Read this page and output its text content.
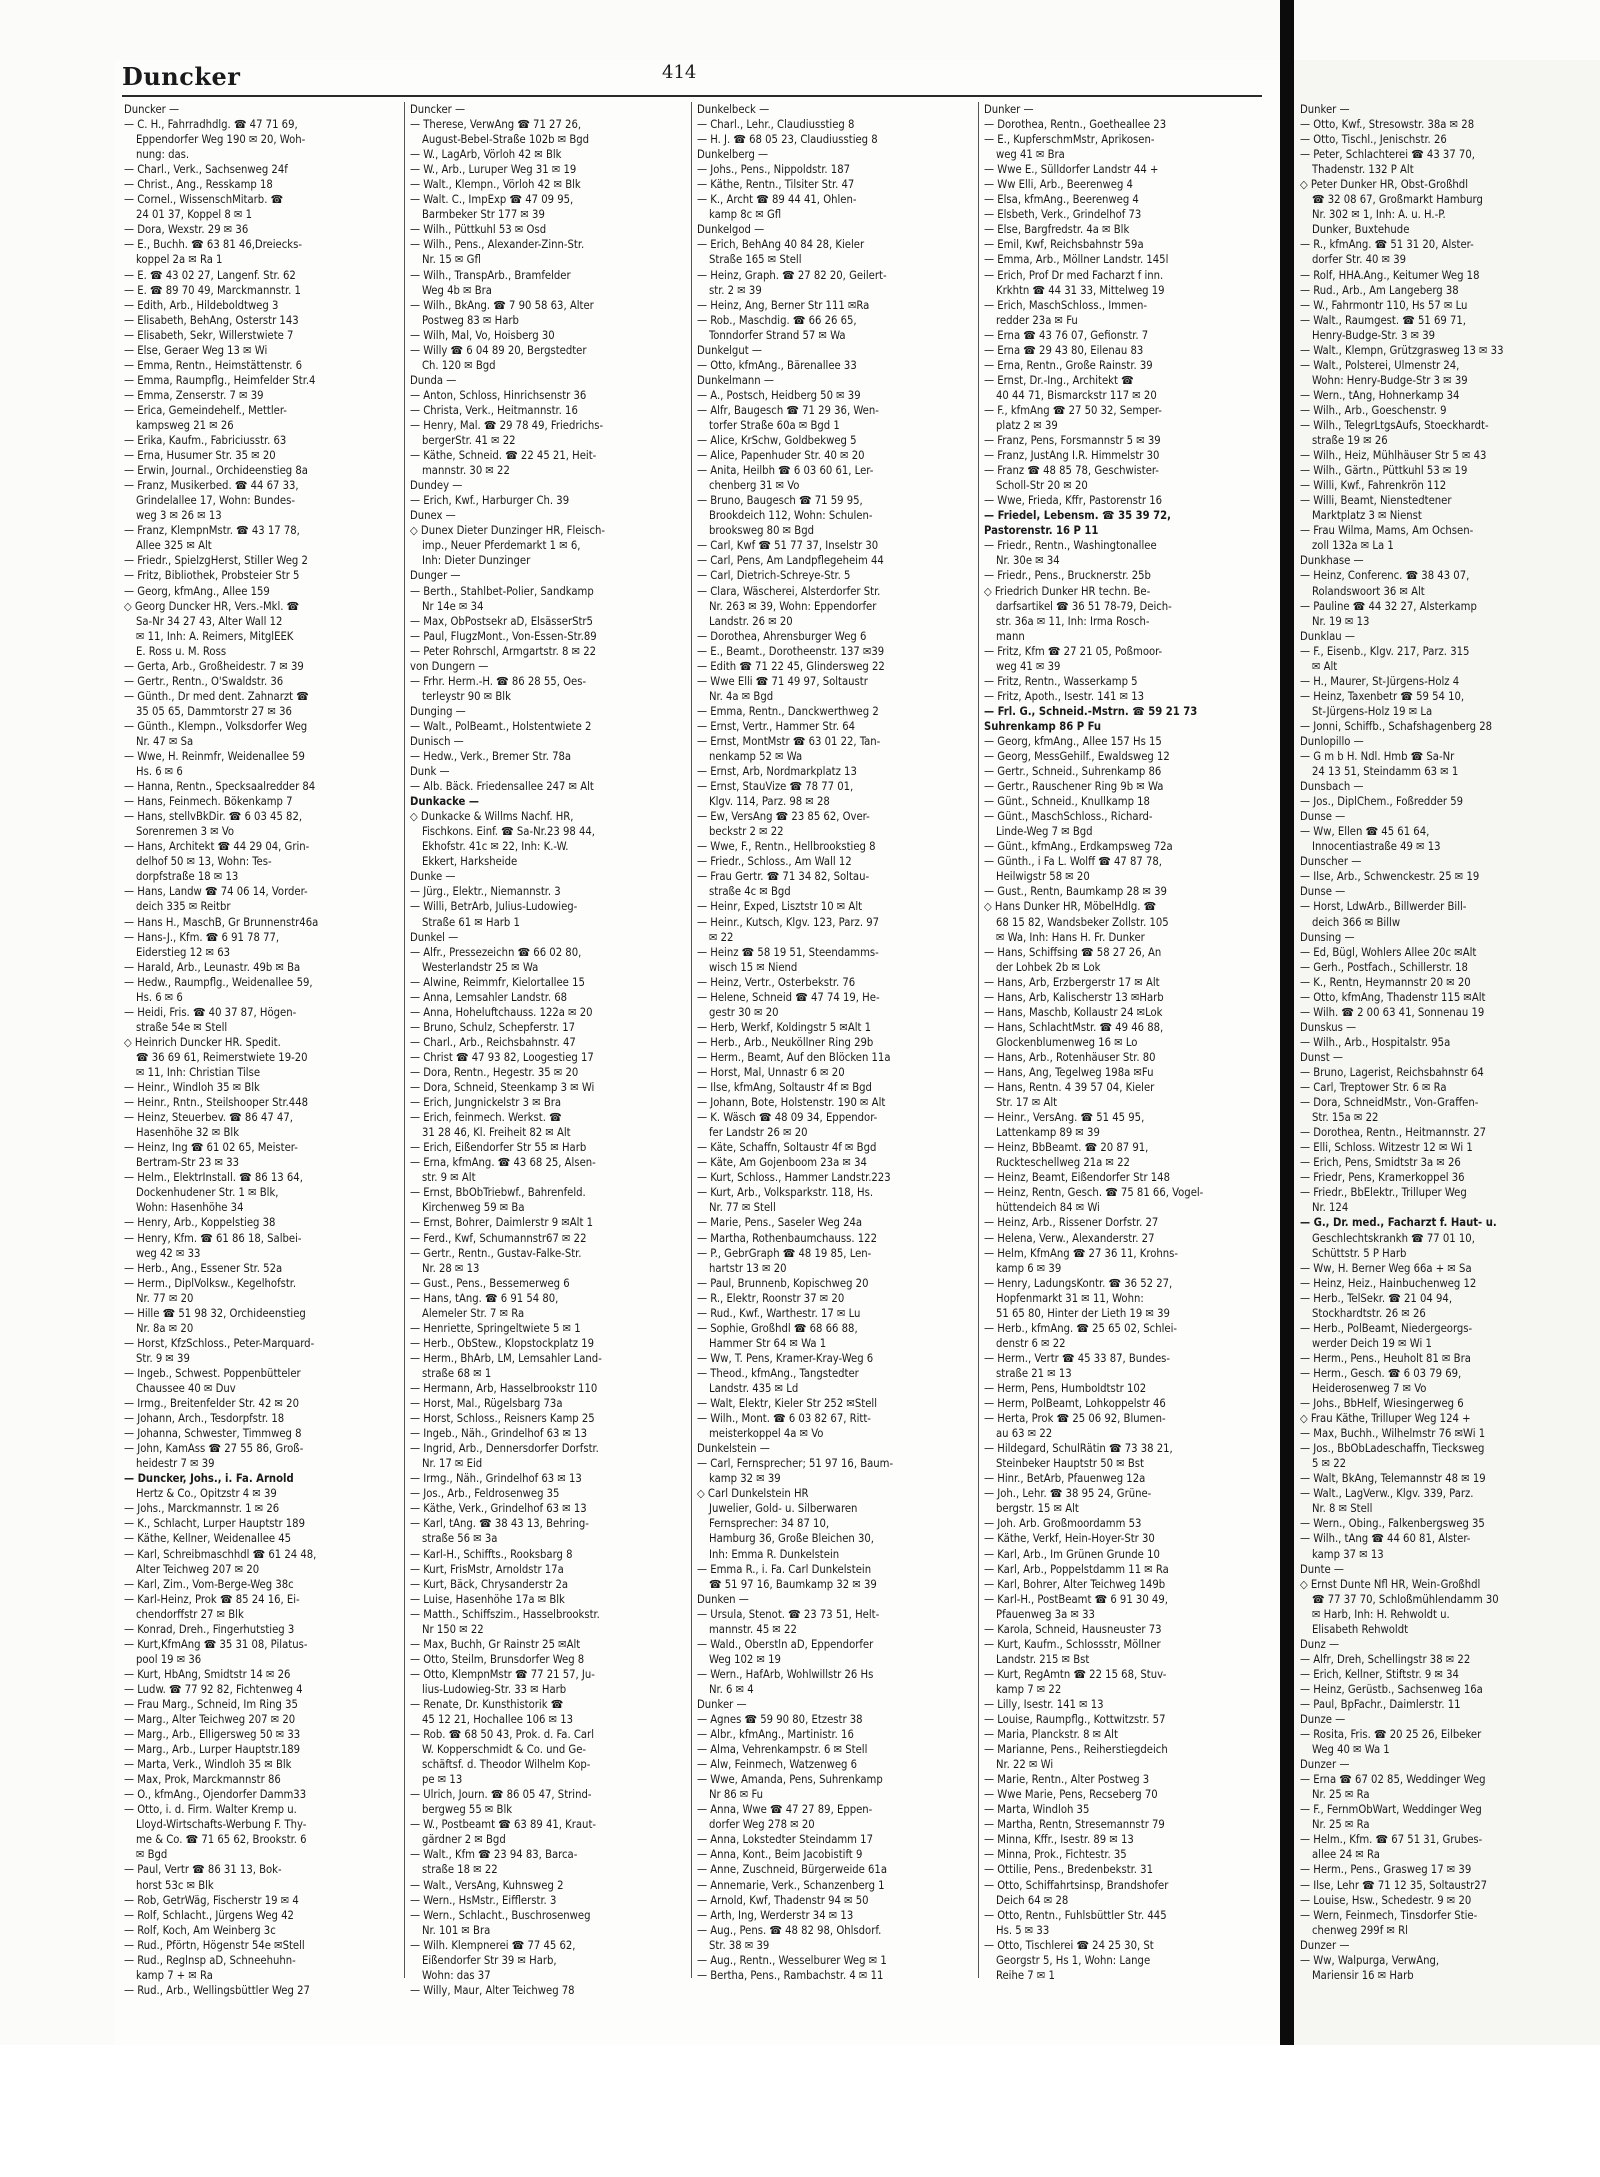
Duncker	414
Duncker —
— C. H., Fahrradhdlg. ☎ 47 71 69,
Eppendorfer Weg 190 ✉ 20, Woh-
nung: das.
— Charl., Verk., Sachsenweg 24f
— Christ., Ang., Resskamp 18
— Cornel., WissenschMitarb. ☎
24 01 37, Koppel 8 ✉ 1
— Dora, Wexstr. 29 ✉ 36
— E., Buchh. ☎ 63 81 46,Dreiecks-
koppel 2a ✉ Ra 1
— E. ☎ 43 02 27, Langenf. Str. 62
— E. ☎ 89 70 49, Marckmannstr. 1
— Edith, Arb., Hildeboldtweg 3
— Elisabeth, BehAng, Osterstr 143
— Elisabeth, Sekr, Willerstwiete 7
— Else, Geraer Weg 13 ✉ Wi
— Emma, Rentn., Heimstättenstr. 6
— Emma, Raumpflg., Heimfelder Str.4
— Emma, Zenserstr. 7 ✉ 39
— Erica, Gemeindehelf., Mettler-
kampsweg 21 ✉ 26
— Erika, Kaufm., Fabriciusstr. 63
— Erna, Husumer Str. 35 ✉ 20
— Erwin, Journal., Orchideenstieg 8a
— Franz, Musikerbed. ☎ 44 67 33,
Grindelallee 17, Wohn: Bundes-
weg 3 ✉ 26 ✉ 13
— Franz, KlempnMstr. ☎ 43 17 78,
Allee 325 ✉ Alt
— Friedr., SpielzgHerst, Stiller Weg 2
— Fritz, Bibliothek, Probsteier Str 5
— Georg, kfmAng., Allee 159
◇ Georg Duncker HR, Vers.-Mkl. ☎
Sa-Nr 34 27 43, Alter Wall 12
✉ 11, Inh: A. Reimers, MitglEEK
E. Ross u. M. Ross
— Gerta, Arb., Großheidestr. 7 ✉ 39
— Gertr., Rentn., O'Swaldstr. 36
— Günth., Dr med dent. Zahnarzt ☎
35 05 65, Dammtorstr 27 ✉ 36
— Günth., Klempn., Volksdorfer Weg
Nr. 47 ✉ Sa
— Wwe, H. Reinmfr, Weidenallee 59
Hs. 6 ✉ 6
— Hanna, Rentn., Specksaalredder 84
— Hans, Feinmech. Bökenkamp 7
— Hans, stellvBkDir. ☎ 6 03 45 82,
Sorenremen 3 ✉ Vo
— Hans, Architekt ☎ 44 29 04, Grin-
delhof 50 ✉ 13, Wohn: Tes-
dorpfstraße 18 ✉ 13
— Hans, Landw ☎ 74 06 14, Vorder-
deich 335 ✉ Reitbr
— Hans H., MaschB, Gr Brunnenstr46a
— Hans-J., Kfm. ☎ 6 91 78 77,
Eiderstieg 12 ✉ 63
— Harald, Arb., Leunastr. 49b ✉ Ba
— Hedw., Raumpflg., Weidenallee 59,
Hs. 6 ✉ 6
— Heidi, Fris. ☎ 40 37 87, Högen-
straße 54e ✉ Stell
◇ Heinrich Duncker HR. Spedit.
☎ 36 69 61, Reimerstwiete 19-20
✉ 11, Inh: Christian Tilse
— Heinr., Windloh 35 ✉ Blk
— Heinr., Rntn., Steilshooper Str.448
— Heinz, Steuerbev. ☎ 86 47 47,
Hasenhöhe 32 ✉ Blk
— Heinz, Ing ☎ 61 02 65, Meister-
Bertram-Str 23 ✉ 33
— Helm., ElektrInstall. ☎ 86 13 64,
Dockenhudener Str. 1 ✉ Blk,
Wohn: Hasenhöhe 34
— Henry, Arb., Koppelstieg 38
— Henry, Kfm. ☎ 61 86 18, Salbei-
weg 42 ✉ 33
— Herb., Ang., Essener Str. 52a
— Herm., DiplVolksw., Kegelhofstr.
Nr. 77 ✉ 20
— Hille ☎ 51 98 32, Orchideenstieg
Nr. 8a ✉ 20
— Horst, KfzSchloss., Peter-Marquard-
Str. 9 ✉ 39
— Ingeb., Schwest. Poppenbütteler
Chaussee 40 ✉ Duv
— Irmg., Breitenfelder Str. 42 ✉ 20
— Johann, Arch., Tesdorpfstr. 18
— Johanna, Schwester, Timmweg 8
— John, KamAss ☎ 27 55 86, Groß-
heidestr 7 ✉ 39
— Duncker, Johs., i. Fa. Arnold
Hertz & Co., Opitzstr 4 ✉ 39
— Johs., Marckmannstr. 1 ✉ 26
— K., Schlacht, Lurper Hauptstr 189
— Käthe, Kellner, Weidenallee 45
— Karl, Schreibmaschhdl ☎ 61 24 48,
Alter Teichweg 207 ✉ 20
— Karl, Zim., Vom-Berge-Weg 38c
— Karl-Heinz, Prok ☎ 85 24 16, Ei-
chendorffstr 27 ✉ Blk
— Konrad, Dreh., Fingerhutstieg 3
— Kurt,KfmAng ☎ 35 31 08, Pilatus-
pool 19 ✉ 36
— Kurt, HbAng, Smidtstr 14 ✉ 26
— Ludw. ☎ 77 92 82, Fichtenweg 4
— Frau Marg., Schneid, Im Ring 35
— Marg., Alter Teichweg 207 ✉ 20
— Marg., Arb., Elligersweg 50 ✉ 33
— Marg., Arb., Lurper Hauptstr.189
— Marta, Verk., Windloh 35 ✉ Blk
— Max, Prok, Marckmannstr 86
— O., kfmAng., Ojendorfer Damm33
— Otto, i. d. Firm. Walter Kremp u.
Lloyd-Wirtschafts-Werbung F. Thy-
me & Co. ☎ 71 65 62, Brookstr. 6
✉ Bgd
— Paul, Vertr ☎ 86 31 13, Bok-
horst 53c ✉ Blk
— Rob, GetrWäg, Fischerstr 19 ✉ 4
— Rolf, Schlacht., Jürgens Weg 42
— Rolf, Koch, Am Weinberg 3c
— Rud., Pförtn, Högenstr 54e ✉Stell
— Rud., Reglnsp aD, Schneehuhn-
kamp 7 + ✉ Ra
— Rud., Arb., Wellingsbüttler Weg 27
Duncker —
— Therese, VerwAng ☎ 71 27 26,
August-Bebel-Straße 102b ✉ Bgd
— W., LagArb, Vörloh 42 ✉ Blk
— W., Arb., Luruper Weg 31 ✉ 19
— Walt., Klempn., Vörloh 42 ✉ Blk
— Walt. C., ImpExp ☎ 47 09 95,
Barmbeker Str 177 ✉ 39
— Wilh., Püttkuhl 53 ✉ Osd
— Wilh., Pens., Alexander-Zinn-Str.
Nr. 15 ✉ Gfl
— Wilh., TranspArb., Bramfelder
Weg 4b ✉ Bra
— Wilh., BkAng. ☎ 7 90 58 63, Alter
Postweg 83 ✉ Harb
— Wilh, Mal, Vo, Hoisberg 30
— Willy ☎ 6 04 89 20, Bergstedter
Ch. 120 ✉ Bgd
Dunda —
— Anton, Schloss, Hinrichsenstr 36
— Christa, Verk., Heitmannstr. 16
— Henry, Mal. ☎ 29 78 49, Friedrichs-
bergerStr. 41 ✉ 22
— Käthe, Schneid. ☎ 22 45 21, Heit-
mannstr. 30 ✉ 22
Dundey —
— Erich, Kwf., Harburger Ch. 39
Dunex —
◇ Dunex Dieter Dunzinger HR, Fleisch-
imp., Neuer Pferdemarkt 1 ✉ 6,
Inh: Dieter Dunzinger
Dunger —
— Berth., Stahlbet-Polier, Sandkamp
Nr 14e ✉ 34
— Max, ObPostsekr aD, ElsässerStr5
— Paul, FlugzMont., Von-Essen-Str.89
— Peter Rohrschl, Armgartstr. 8 ✉ 22
von Dungern —
— Frhr. Herm.-H. ☎ 86 28 55, Oes-
terleystr 90 ✉ Blk
Dunging —
— Walt., PolBeamt., Holstentwiete 2
Dunisch —
— Hedw., Verk., Bremer Str. 78a
Dunk —
— Alb. Bäck. Friedensallee 247 ✉ Alt
Dunkacke —
◇ Dunkacke & Willms Nachf. HR,
Fischkons. Einf. ☎ Sa-Nr.23 98 44,
Ekhofstr. 41c ✉ 22, Inh: K.-W.
Ekkert, Harksheide
Dunke —
— Jürg., Elektr., Niemannstr. 3
— Willi, BetrArb, Julius-Ludowieg-
Straße 61 ✉ Harb 1
Dunkel —
— Alfr., Pressezeichn ☎ 66 02 80,
Westerlandstr 25 ✉ Wa
— Alwine, Reimmfr, Kielortallee 15
— Anna, Lemsahler Landstr. 68
— Anna, Hoheluftchauss. 122a ✉ 20
— Bruno, Schulz, Schepferstr. 17
— Charl., Arb., Reichsbahnstr. 47
— Christ ☎ 47 93 82, Loogestieg 17
— Dora, Rentn., Hegestr. 35 ✉ 20
— Dora, Schneid, Steenkamp 3 ✉ Wi
— Erich, Jungnickelstr 3 ✉ Bra
— Erich, feinmech. Werkst. ☎
31 28 46, Kl. Freiheit 82 ✉ Alt
— Erich, Eißendorfer Str 55 ✉ Harb
— Erna, kfmAng. ☎ 43 68 25, Alsen-
str. 9 ✉ Alt
— Ernst, BbObTriebwf., Bahrenfeld.
Kirchenweg 59 ✉ Ba
— Ernst, Bohrer, Daimlerstr 9 ✉Alt 1
— Ferd., Kwf, Schumannstr67 ✉ 22
— Gertr., Rentn., Gustav-Falke-Str.
Nr. 28 ✉ 13
— Gust., Pens., Bessemerweg 6
— Hans, tAng. ☎ 6 91 54 80,
Alemeler Str. 7 ✉ Ra
— Henriette, Springeltwiete 5 ✉ 1
— Herb., ObStew., Klopstockplatz 19
— Herm., BhArb, LM, Lemsahler Land-
straße 68 ✉ 1
— Hermann, Arb, Hasselbrookstr 110
— Horst, Mal., Rügelsbarg 73a
— Horst, Schloss., Reisners Kamp 25
— Ingeb., Näh., Grindelhof 63 ✉ 13
— Ingrid, Arb., Dennersdorfer Dorfstr.
Nr. 17 ✉ Eid
— Irmg., Näh., Grindelhof 63 ✉ 13
— Jos., Arb., Feldrosenweg 35
— Käthe, Verk., Grindelhof 63 ✉ 13
— Karl, tAng. ☎ 38 43 13, Behring-
straße 56 ✉ 3a
— Karl-H., Schiffts., Rooksbarg 8
— Kurt, FrisMstr, Arnoldstr 17a
— Kurt, Bäck, Chrysanderstr 2a
— Luise, Hasenhöhe 17a ✉ Blk
— Matth., Schiffszim., Hasselbrookstr.
Nr 150 ✉ 22
— Max, Buchh, Gr Rainstr 25 ✉Alt
— Otto, Steilm, Brunsdorfer Weg 8
— Otto, KlempnMstr ☎ 77 21 57, Ju-
lius-Ludowieg-Str. 33 ✉ Harb
— Renate, Dr. Kunsthistorik ☎
45 12 21, Hochallee 106 ✉ 13
— Rob. ☎ 68 50 43, Prok. d. Fa. Carl
W. Kopperschmidt & Co. und Ge-
schäftsf. d. Theodor Wilhelm Kop-
pe ✉ 13
— Ulrich, Journ. ☎ 86 05 47, Strind-
bergweg 55 ✉ Blk
— W., Postbeamt ☎ 63 89 41, Kraut-
gärdner 2 ✉ Bgd
— Walt., Kfm ☎ 23 94 83, Barca-
straße 18 ✉ 22
— Walt., VersAng, Kuhnsweg 2
— Wern., HsMstr., Eifflerstr. 3
— Wern., Schlacht., Buschrosenweg
Nr. 101 ✉ Bra
— Wilh. Klempnerei ☎ 77 45 62,
Eißendorfer Str 39 ✉ Harb,
Wohn: das 37
— Willy, Maur, Alter Teichweg 78
Dunkelbeck —
— Charl., Lehr., Claudiusstieg 8
— H. J. ☎ 68 05 23, Claudiusstieg 8
Dunkelberg —
— Johs., Pens., Nippoldstr. 187
— Käthe, Rentn., Tilsiter Str. 47
— K., Archt ☎ 89 44 41, Ohlen-
kamp 8c ✉ Gfl
Dunkelgod —
— Erich, BehAng 40 84 28, Kieler
Straße 165 ✉ Stell
— Heinz, Graph. ☎ 27 82 20, Geilert-
str. 2 ✉ 39
— Heinz, Ang, Berner Str 111 ✉Ra
— Rob., Maschdig. ☎ 66 26 65,
Tonndorfer Strand 57 ✉ Wa
Dunkelgut —
— Otto, kfmAng., Bärenallee 33
Dunkelmann —
— A., Postsch, Heidberg 50 ✉ 39
— Alfr, Baugesch ☎ 71 29 36, Wen-
torfer Straße 60a ✉ Bgd 1
— Alice, KrSchw, Goldbekweg 5
— Alice, Papenhuder Str. 40 ✉ 20
— Anita, Heilbh ☎ 6 03 60 61, Ler-
chenberg 31 ✉ Vo
— Bruno, Baugesch ☎ 71 59 95,
Brookdeich 112, Wohn: Schulen-
brooksweg 80 ✉ Bgd
— Carl, Kwf ☎ 51 77 37, Inselstr 30
— Carl, Pens, Am Landpflegeheim 44
— Carl, Dietrich-Schreye-Str. 5
— Clara, Wäscherei, Alsterdorfer Str.
Nr. 263 ✉ 39, Wohn: Eppendorfer
Landstr. 26 ✉ 20
— Dorothea, Ahrensburger Weg 6
— E., Beamt., Dorotheenstr. 137 ✉39
— Edith ☎ 71 22 45, Glindersweg 22
— Wwe Elli ☎ 71 49 97, Soltaustr
Nr. 4a ✉ Bgd
— Emma, Rentn., Danckwerthweg 2
— Ernst, Vertr., Hammer Str. 64
— Ernst, MontMstr ☎ 63 01 22, Tan-
nenkamp 52 ✉ Wa
— Ernst, Arb, Nordmarkplatz 13
— Ernst, StauVize ☎ 78 77 01,
Klgv. 114, Parz. 98 ✉ 28
— Ew, VersAng ☎ 23 85 62, Over-
beckstr 2 ✉ 22
— Wwe, F., Rentn., Hellbrookstieg 8
— Friedr., Schloss., Am Wall 12
— Frau Gertr. ☎ 71 34 82, Soltau-
straße 4c ✉ Bgd
— Heinr, Exped, Lisztstr 10 ✉ Alt
— Heinr., Kutsch, Klgv. 123, Parz. 97
✉ 22
— Heinz ☎ 58 19 51, Steendamms-
wisch 15 ✉ Niend
— Heinz, Vertr., Osterbekstr. 76
— Helene, Schneid ☎ 47 74 19, He-
gestr 30 ✉ 20
— Herb, Werkf, Koldingstr 5 ✉Alt 1
— Herb., Arb., Neuköllner Ring 29b
— Herm., Beamt, Auf den Blöcken 11a
— Horst, Mal, Unnastr 6 ✉ 20
— Ilse, kfmAng, Soltaustr 4f ✉ Bgd
— Johann, Bote, Holstenstr. 190 ✉ Alt
— K. Wäsch ☎ 48 09 34, Eppendor-
fer Landstr 26 ✉ 20
— Käte, Schaffn, Soltaustr 4f ✉ Bgd
— Käte, Am Gojenboom 23a ✉ 34
— Kurt, Schloss., Hammer Landstr.223
— Kurt, Arb., Volksparkstr. 118, Hs.
Nr. 77 ✉ Stell
— Marie, Pens., Saseler Weg 24a
— Martha, Rothenbaumchauss. 122
— P., GebrGraph ☎ 48 19 85, Len-
hartstr 13 ✉ 20
— Paul, Brunnenb, Kopischweg 20
— R., Elektr, Roonstr 37 ✉ 20
— Rud., Kwf., Warthestr. 17 ✉ Lu
— Sophie, Großhdl ☎ 68 66 88,
Hammer Str 64 ✉ Wa 1
— Ww, T. Pens, Kramer-Kray-Weg 6
— Theod., kfmAng., Tangstedter
Landstr. 435 ✉ Ld
— Walt, Elektr, Kieler Str 252 ✉Stell
— Wilh., Mont. ☎ 6 03 82 67, Ritt-
meisterkoppel 4a ✉ Vo
Dunkelstein —
— Carl, Fernsprecher; 51 97 16, Baum-
kamp 32 ✉ 39
◇ Carl Dunkelstein HR
Juwelier, Gold- u. Silberwaren
Fernsprecher: 34 87 10,
Hamburg 36, Große Bleichen 30,
Inh: Emma R. Dunkelstein
— Emma R., i. Fa. Carl Dunkelstein
☎ 51 97 16, Baumkamp 32 ✉ 39
Dunken —
— Ursula, Stenot. ☎ 23 73 51, Helt-
mannstr. 45 ✉ 22
— Wald., Oberstln aD, Eppendorfer
Weg 102 ✉ 19
— Wern., HafArb, Wohlwillstr 26 Hs
Nr. 6 ✉ 4
Dunker —
— Agnes ☎ 59 90 80, Etzestr 38
— Albr., kfmAng., Martinistr. 16
— Alma, Vehrenkampstr. 6 ✉ Stell
— Alw, Feinmech, Watzenweg 6
— Wwe, Amanda, Pens, Suhrenkamp
Nr 86 ✉ Fu
— Anna, Wwe ☎ 47 27 89, Eppen-
dorfer Weg 278 ✉ 20
— Anna, Lokstedter Steindamm 17
— Anna, Kont., Beim Jacobistift 9
— Anne, Zuschneid, Bürgerweide 61a
— Annemarie, Verk., Schanzenberg 1
— Arnold, Kwf, Thadenstr 94 ✉ 50
— Arth, Ing, Werderstr 34 ✉ 13
— Aug., Pens. ☎ 48 82 98, Ohlsdorf.
Str. 38 ✉ 39
— Aug., Rentn., Wesselburer Weg ✉ 1
— Bertha, Pens., Rambachstr. 4 ✉ 11
Dunker —
— Dorothea, Rentn., Goetheallee 23
— E., KupferschmMstr, Aprikosen-
weg 41 ✉ Bra
— Wwe E., Sülldorfer Landstr 44 +
— Ww Elli, Arb., Beerenweg 4
— Elsa, kfmAng., Beerenweg 4
— Elsbeth, Verk., Grindelhof 73
— Else, Bargfredstr. 4a ✉ Blk
— Emil, Kwf, Reichsbahnstr 59a
— Emma, Arb., Möllner Landstr. 145l
— Erich, Prof Dr med Facharzt f inn.
Krkhtn ☎ 44 31 33, Mittelweg 19
— Erich, MaschSchloss., Immen-
redder 23a ✉ Fu
— Erna ☎ 43 76 07, Gefionstr. 7
— Erna ☎ 29 43 80, Eilenau 83
— Erna, Rentn., Große Rainstr. 39
— Ernst, Dr.-Ing., Architekt ☎
40 44 71, Bismarckstr 117 ✉ 20
— F., kfmAng ☎ 27 50 32, Semper-
platz 2 ✉ 39
— Franz, Pens, Forsmannstr 5 ✉ 39
— Franz, JustAng I.R. Himmelstr 30
— Franz ☎ 48 85 78, Geschwister-
Scholl-Str 20 ✉ 20
— Wwe, Frieda, Kffr, Pastorenstr 16
— Friedel, Lebensm. ☎ 35 39 72,
Pastorenstr. 16 P 11
— Friedr., Rentn., Washingtonallee
Nr. 30e ✉ 34
— Friedr., Pens., Brucknerstr. 25b
◇ Friedrich Dunker HR techn. Be-
darfsartikel ☎ 36 51 78-79, Deich-
str. 36a ✉ 11, Inh: Irma Rosch-
mann
— Fritz, Kfm ☎ 27 21 05, Poßmoor-
weg 41 ✉ 39
— Fritz, Rentn., Wasserkamp 5
— Fritz, Apoth., Isestr. 141 ✉ 13
— Frl. G., Schneid.-Mstrn. ☎ 59 21 73
Suhrenkamp 86 P Fu
— Georg, kfmAng., Allee 157 Hs 15
— Georg, MessGehilf., Ewaldsweg 12
— Gertr., Schneid., Suhrenkamp 86
— Gertr., Rauschener Ring 9b ✉ Wa
— Günt., Schneid., Knullkamp 18
— Günt., MaschSchloss., Richard-
Linde-Weg 7 ✉ Bgd
— Günt., kfmAng., Erdkampsweg 72a
— Günth., i Fa L. Wolff ☎ 47 87 78,
Heilwigstr 58 ✉ 20
— Gust., Rentn, Baumkamp 28 ✉ 39
◇ Hans Dunker HR, MöbelHdlg. ☎
68 15 82, Wandsbeker Zollstr. 105
✉ Wa, Inh: Hans H. Fr. Dunker
— Hans, Schiffsing ☎ 58 27 26, An
der Lohbek 2b ✉ Lok
— Hans, Arb, Erzbergerstr 17 ✉ Alt
— Hans, Arb, Kalischerstr 13 ✉Harb
— Hans, Maschb, Kollaustr 24 ✉Lok
— Hans, SchlachtMstr. ☎ 49 46 88,
Glockenblumenweg 16 ✉ Lo
— Hans, Arb., Rotenhäuser Str. 80
— Hans, Ang, Tegelweg 198a ✉Fu
— Hans, Rentn. 4 39 57 04, Kieler
Str. 17 ✉ Alt
— Heinr., VersAng. ☎ 51 45 95,
Lattenkamp 89 ✉ 39
— Heinz, BbBeamt. ☎ 20 87 91,
Ruckteschellweg 21a ✉ 22
— Heinz, Beamt, Eißendorfer Str 148
— Heinz, Rentn, Gesch. ☎ 75 81 66, Vogel-
hüttendeich 84 ✉ Wi
— Heinz, Arb., Rissener Dorfstr. 27
— Helena, Verw., Alexanderstr. 27
— Helm, KfmAng ☎ 27 36 11, Krohns-
kamp 6 ✉ 39
— Henry, LadungsKontr. ☎ 36 52 27,
Hopfenmarkt 31 ✉ 11, Wohn:
51 65 80, Hinter der Lieth 19 ✉ 39
— Herb., kfmAng. ☎ 25 65 02, Schlei-
denstr 6 ✉ 22
— Herm., Vertr ☎ 45 33 87, Bundes-
straße 21 ✉ 13
— Herm, Pens, Humboldtstr 102
— Herm, PolBeamt, Lohkoppelstr 46
— Herta, Prok ☎ 25 06 92, Blumen-
au 63 ✉ 22
— Hildegard, SchulRätin ☎ 73 38 21,
Steinbeker Hauptstr 50 ✉ Bst
— Hinr., BetArb, Pfauenweg 12a
— Joh., Lehr. ☎ 38 95 24, Grüne-
bergstr. 15 ✉ Alt
— Joh. Arb. Großmoordamm 53
— Käthe, Verkf, Hein-Hoyer-Str 30
— Karl, Arb., Im Grünen Grunde 10
— Karl, Arb., Poppelstdamm 11 ✉ Ra
— Karl, Bohrer, Alter Teichweg 149b
— Karl-H., PostBeamt ☎ 6 91 30 49,
Pfauenweg 3a ✉ 33
— Karola, Schneid, Hausneuster 73
— Kurt, Kaufm., Schlossstr, Möllner
Landstr. 215 ✉ Bst
— Kurt, RegAmtn ☎ 22 15 68, Stuv-
kamp 7 ✉ 22
— Lilly, Isestr. 141 ✉ 13
— Louise, Raumpflg., Kottwitzstr. 57
— Maria, Planckstr. 8 ✉ Alt
— Marianne, Pens., Reiherstiegdeich
Nr. 22 ✉ Wi
— Marie, Rentn., Alter Postweg 3
— Wwe Marie, Pens, Recseberg 70
— Marta, Windloh 35
— Martha, Rentn, Stresemannstr 79
— Minna, Kffr., Isestr. 89 ✉ 13
— Minna, Prok., Fichtestr. 35
— Ottilie, Pens., Bredenbekstr. 31
— Otto, Schiffahrtsinsp, Brandshofer
Deich 64 ✉ 28
— Otto, Rentn., Fuhlsbüttler Str. 445
Hs. 5 ✉ 33
— Otto, Tischlerei ☎ 24 25 30, St
Georgstr 5, Hs 1, Wohn: Lange
Reihe 7 ✉ 1
Dunker —
— Otto, Kwf., Stresowstr. 38a ✉ 28
— Otto, Tischl., Jenischstr. 26
— Peter, Schlachterei ☎ 43 37 70,
Thadenstr. 132 P Alt
◇ Peter Dunker HR, Obst-Großhdl
☎ 32 08 67, Großmarkt Hamburg
Nr. 302 ✉ 1, Inh: A. u. H.-P.
Dunker, Buxtehude
— R., kfmAng. ☎ 51 31 20, Alster-
dorfer Str. 40 ✉ 39
— Rolf, HHA.Ang., Keitumer Weg 18
— Rud., Arb., Am Langeberg 38
— W., Fahrmontr 110, Hs 57 ✉ Lu
— Walt., Raumgest. ☎ 51 69 71,
Henry-Budge-Str. 3 ✉ 39
— Walt., Klempn, Grützgrasweg 13 ✉ 33
— Walt., Polsterei, Ulmenstr 24,
Wohn: Henry-Budge-Str 3 ✉ 39
— Wern., tAng, Hohnerkamp 34
— Wilh., Arb., Goeschenstr. 9
— Wilh., TelegrLtgsAufs, Stoeckhardt-
straße 19 ✉ 26
— Wilh., Heiz, Mühlhäuser Str 5 ✉ 43
— Wilh., Gärtn., Püttkuhl 53 ✉ 19
— Willi, Kwf., Fahrenkrön 112
— Willi, Beamt, Nienstedtener
Marktplatz 3 ✉ Nienst
— Frau Wilma, Mams, Am Ochsen-
zoll 132a ✉ La 1
Dunkhase —
— Heinz, Conferenc. ☎ 38 43 07,
Rolandswoort 36 ✉ Alt
— Pauline ☎ 44 32 27, Alsterkamp
Nr. 19 ✉ 13
Dunklau —
— F., Eisenb., Klgv. 217, Parz. 315
✉ Alt
— H., Maurer, St-Jürgens-Holz 4
— Heinz, Taxenbetr ☎ 59 54 10,
St-Jürgens-Holz 19 ✉ La
— Jonni, Schiffb., Schafshagenberg 28
Dunlopillo —
— G m b H. Ndl. Hmb ☎ Sa-Nr
24 13 51, Steindamm 63 ✉ 1
Dunsbach —
— Jos., DiplChem., Foßredder 59
Dunse —
— Ww, Ellen ☎ 45 61 64,
Innocentiastraße 49 ✉ 13
Dunscher —
— Ilse, Arb., Schwenckestr. 25 ✉ 19
Dunse —
— Horst, LdwArb., Billwerder Bill-
deich 366 ✉ Billw
Dunsing —
— Ed, Bügl, Wohlers Allee 20c ✉Alt
— Gerh., Postfach., Schillerstr. 18
— K., Rentn, Heymannstr 20 ✉ 20
— Otto, kfmAng, Thadenstr 115 ✉Alt
— Wilh. ☎ 2 00 63 41, Sonnenau 19
Dunskus —
— Wilh., Arb., Hospitalstr. 95a
Dunst —
— Bruno, Lagerist, Reichsbahnstr 64
— Carl, Treptower Str. 6 ✉ Ra
— Dora, SchneidMstr., Von-Graffen-
Str. 15a ✉ 22
— Dorothea, Rentn., Heitmannstr. 27
— Elli, Schloss. Witzestr 12 ✉ Wi 1
— Erich, Pens, Smidtstr 3a ✉ 26
— Friedr, Pens, Kramerkoppel 36
— Friedr., BbElektr., Trilluper Weg
Nr. 124
— G., Dr. med., Facharzt f. Haut- u.
Geschlechtskrankh ☎ 77 01 10,
Schüttstr. 5 P Harb
— Ww, H. Berner Weg 66a + ✉ Sa
— Heinz, Heiz., Hainbuchenweg 12
— Herb., TelSekr. ☎ 21 04 94,
Stockhardtstr. 26 ✉ 26
— Herb., PolBeamt, Niedergeorgs-
werder Deich 19 ✉ Wi 1
— Herm., Pens., Heuholt 81 ✉ Bra
— Herm., Gesch. ☎ 6 03 79 69,
Heiderosenweg 7 ✉ Vo
— Johs., BbHelf, Wiesingerweg 6
◇ Frau Käthe, Trilluper Weg 124 +
— Max, Buchh., Wilhelmstr 76 ✉Wi 1
— Jos., BbObLadeschaffn, Tiecksweg
5 ✉ 22
— Walt, BkAng, Telemannstr 48 ✉ 19
— Walt., LagVerw., Klgv. 339, Parz.
Nr. 8 ✉ Stell
— Wern., Obing., Falkenbergsweg 35
— Wilh., tAng ☎ 44 60 81, Alster-
kamp 37 ✉ 13
Dunte —
◇ Ernst Dunte Nfl HR, Wein-Großhdl
☎ 77 37 70, Schloßmühlendamm 30
✉ Harb, Inh: H. Rehwoldt u.
Elisabeth Rehwoldt
Dunz —
— Alfr, Dreh, Schellingstr 38 ✉ 22
— Erich, Kellner, Stiftstr. 9 ✉ 34
— Heinz, Gerüstb., Sachsenweg 16a
— Paul, BpFachr., Daimlerstr. 11
Dunze —
— Rosita, Fris. ☎ 20 25 26, Eilbeker
Weg 40 ✉ Wa 1
Dunzer —
— Erna ☎ 67 02 85, Weddinger Weg
Nr. 25 ✉ Ra
— F., FernmObWart, Weddinger Weg
Nr. 25 ✉ Ra
— Helm., Kfm. ☎ 67 51 31, Grubes-
allee 24 ✉ Ra
— Herm., Pens., Grasweg 17 ✉ 39
— Ilse, Lehr ☎ 71 12 35, Soltaustr27
— Louise, Hsw., Schedestr. 9 ✉ 20
— Wern, Feinmech, Tinsdorfer Stie-
chenweg 299f ✉ Rl
Dunzer —
— Ww, Walpurga, VerwAng,
Mariensir 16 ✉ Harb
